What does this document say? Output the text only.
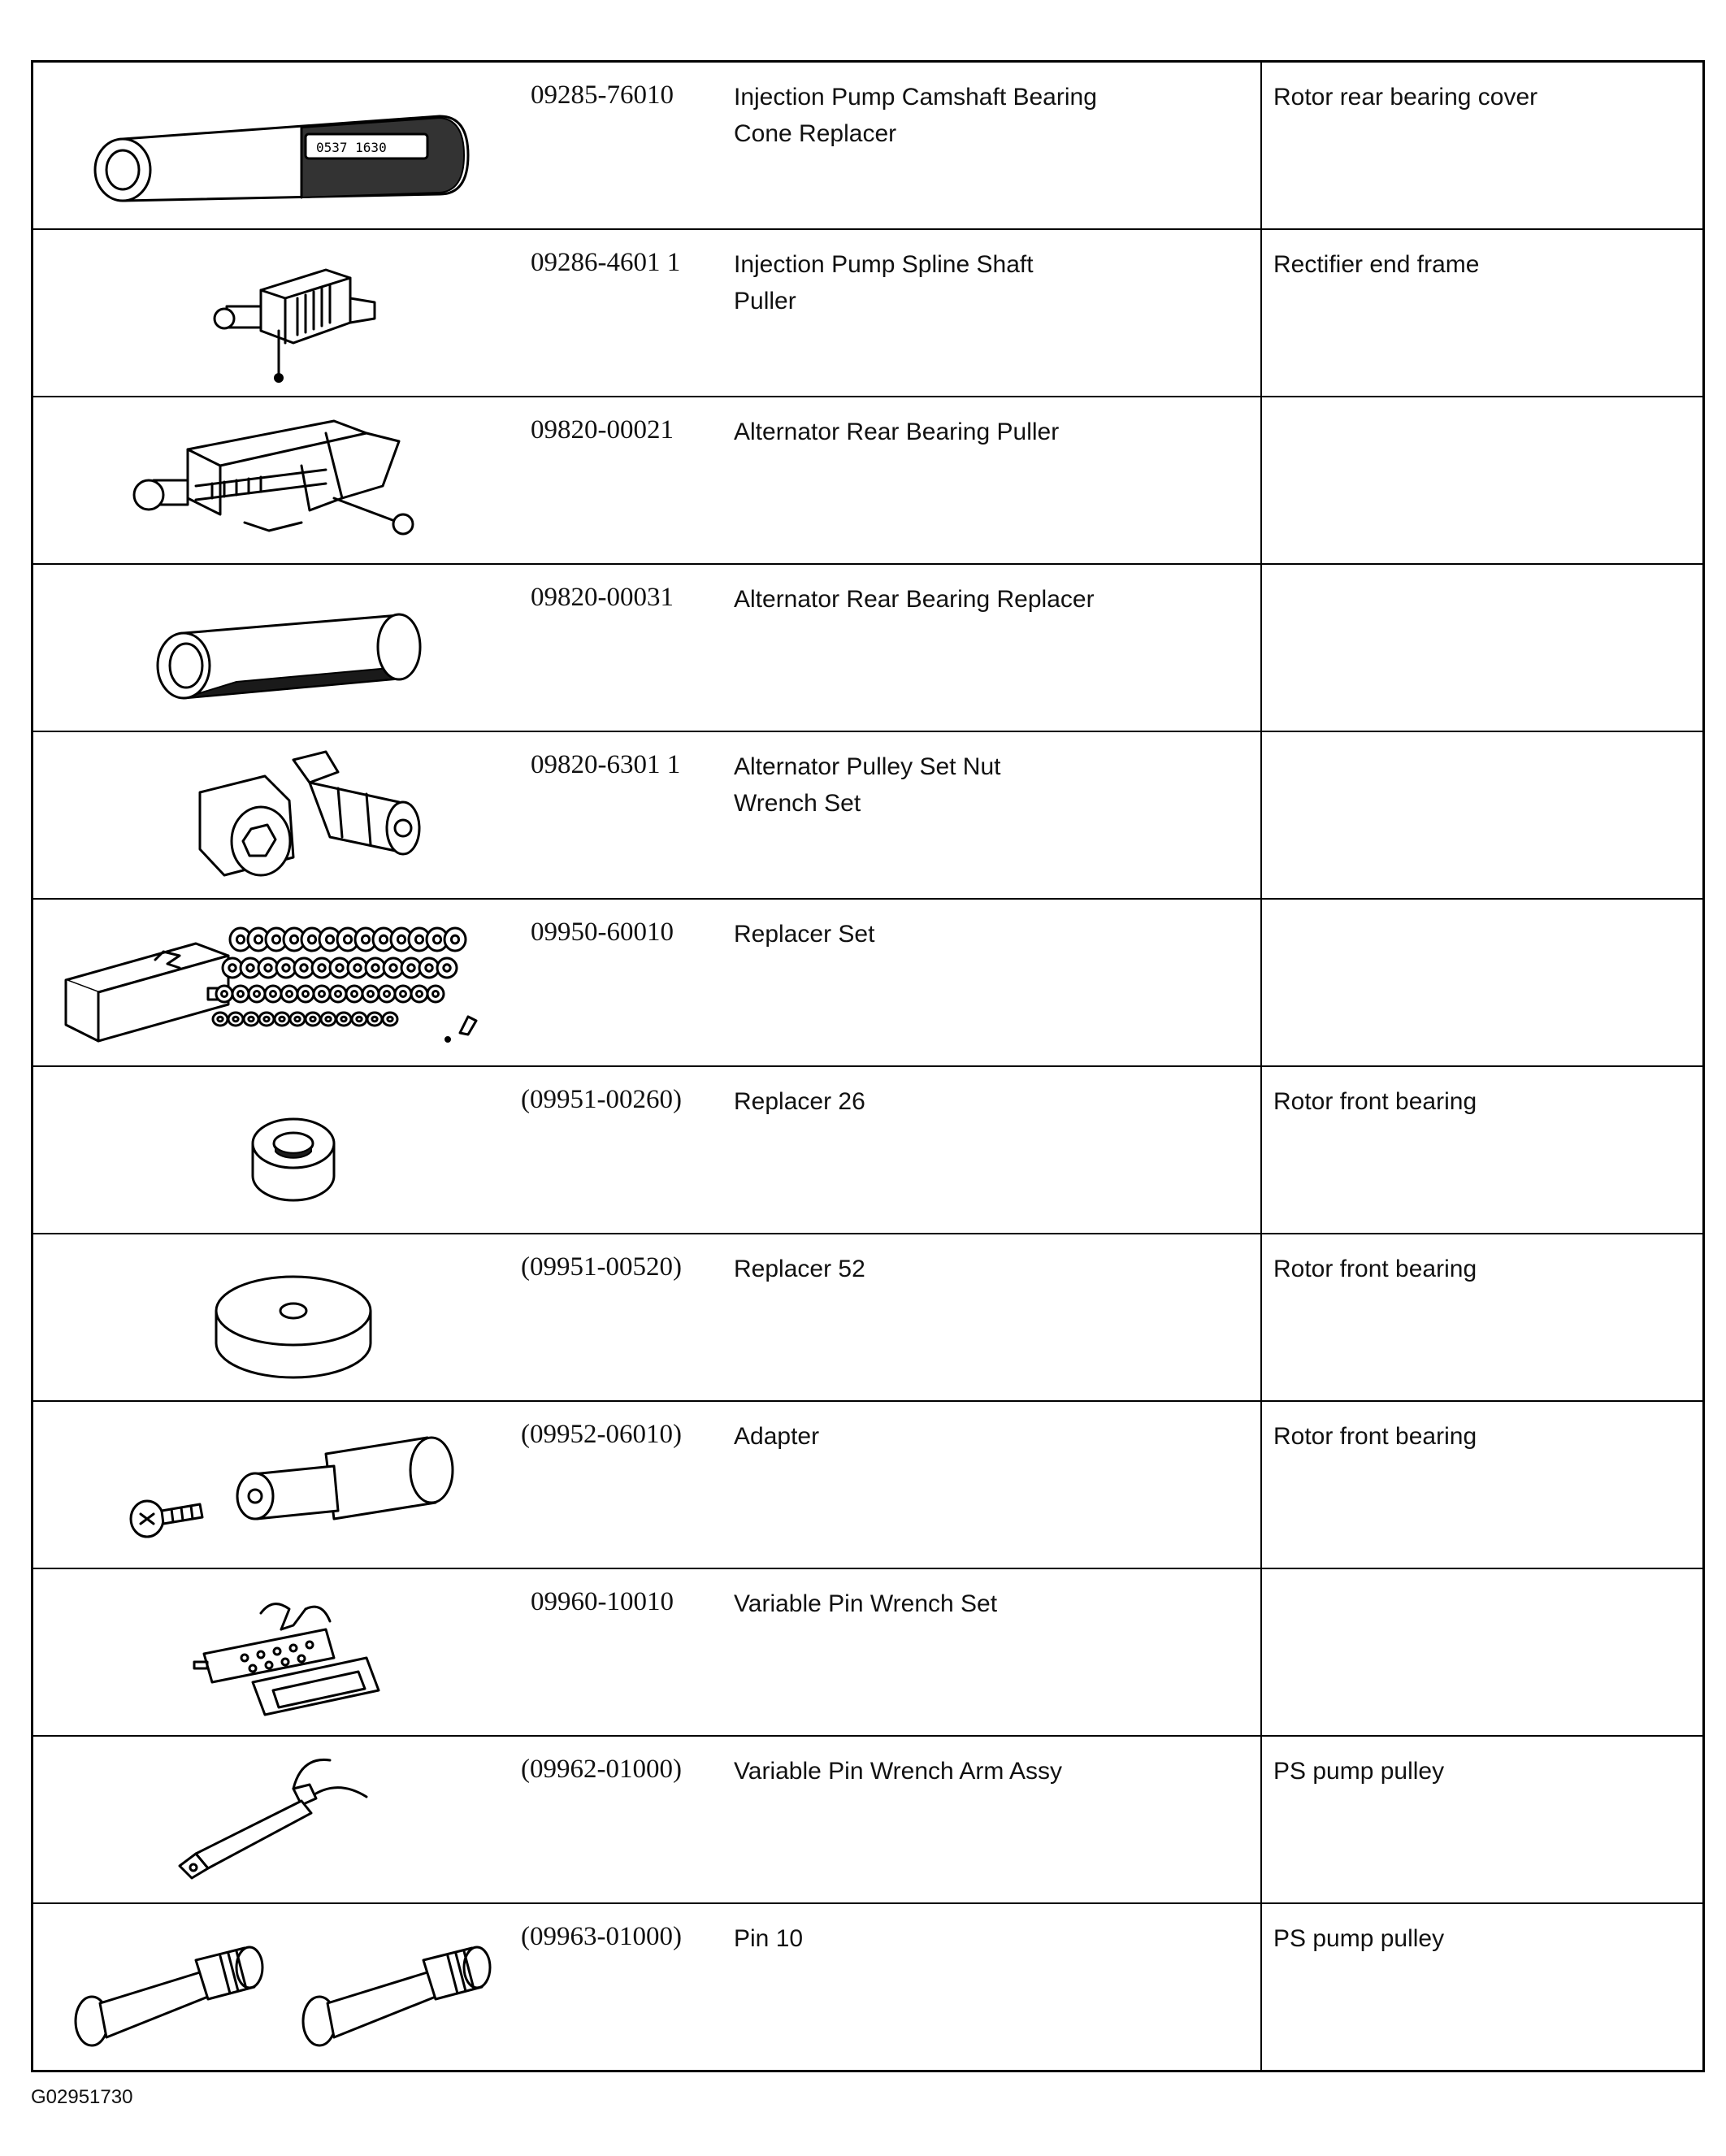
0537 1630
09285-76010	Injection Pump Camshaft Bearing
Cone Replacer
Rotor rear bearing cover
09286-4601 1	Injection Pump Spline Shaft
Puller
Rectifier end frame
09820-00021	Alternator Rear Bearing Puller
09820-00031	Alternator Rear Bearing Replacer
09820-6301 1	Alternator Pulley Set Nut
Wrench Set
09950-60010	Replacer Set
(09951-00260)	Replacer 26	Rotor front bearing
(09951-00520)	Replacer 52	Rotor front bearing
(09952-06010)	Adapter	Rotor front bearing
09960-10010	Variable Pin Wrench Set
(09962-01000)	Variable Pin Wrench Arm Assy	PS pump pulley
(09963-01000)	Pin 10	PS pump pulley
G02951730
